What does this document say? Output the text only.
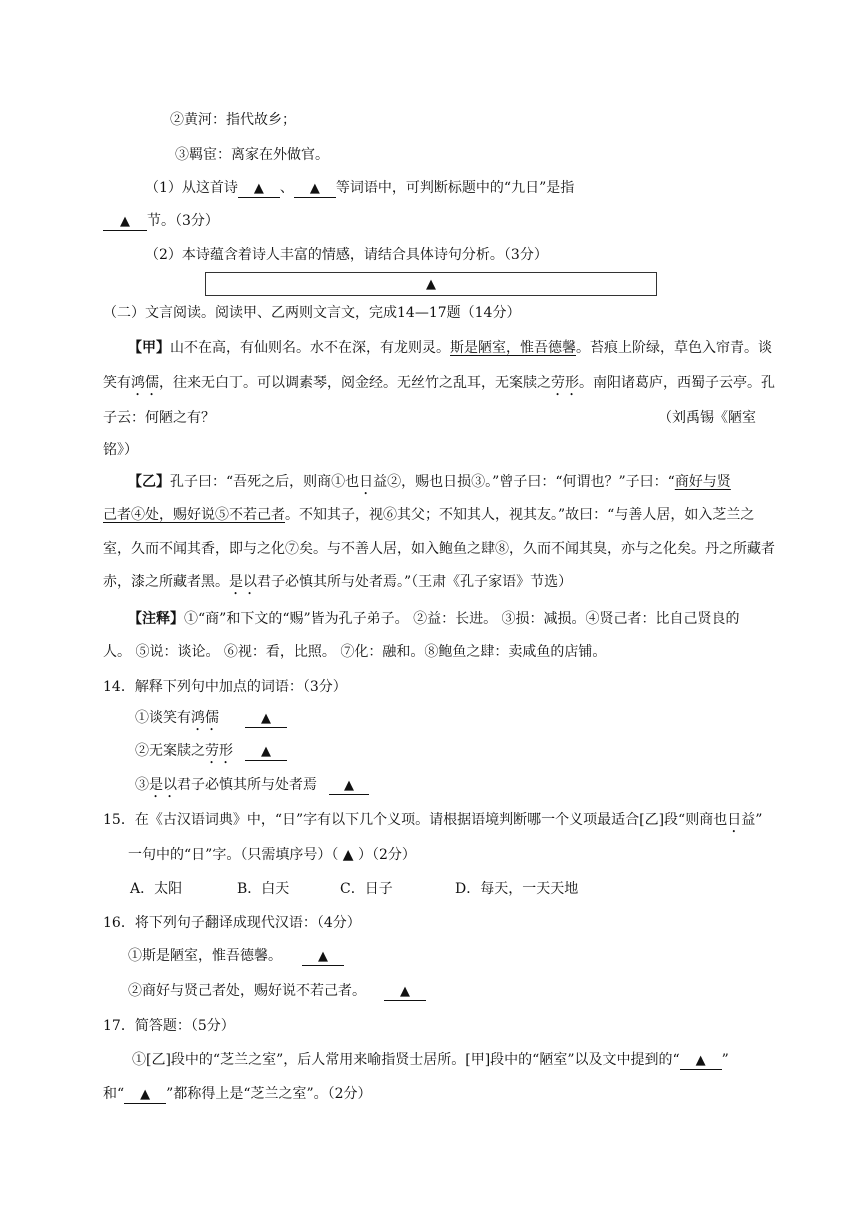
②黄河：指代故乡；
③羁宦：离家在外做官。
（1）从这首诗 ▲ 、 ▲ 等词语中，可判断标题中的“九日”是指
▲ 节。（3分）
（2）本诗蕴含着诗人丰富的情感，请结合具体诗句分析。（3分）
▲
（二）文言阅读。阅读甲、乙两则文言文，完成14—17题（14分）
【甲】山不在高，有仙则名。水不在深，有龙则灵。斯是陋室，惟吾德馨。苔痕上阶绿，草色入帘青。谈
笑有鸿儒，往来无白丁。可以调素琴，阅金经。无丝竹之乱耳，无案牍之劳形。南阳诸葛庐，西蜀子云亭。孔
子云：何陋之有？	（刘禹锡《陋室
铭》）
【乙】孔子曰：“吾死之后，则商①也日益②，赐也日损③。”曾子曰：“何谓也？”子曰：“商好与贤
己者④处，赐好说⑤不若己者。不知其子，视⑥其父；不知其人，视其友。”故曰：“与善人居，如入芝兰之
室，久而不闻其香，即与之化⑦矣。与不善人居，如入鲍鱼之肆⑧，久而不闻其臭，亦与之化矣。丹之所藏者
赤，漆之所藏者黑。是以君子必慎其所与处者焉。”（王肃《孔子家语》节选）
【注释】①“商”和下文的“赐”皆为孔子弟子。 ②益：长进。 ③损：减损。④贤己者：比自己贤良的
人。 ⑤说：谈论。 ⑥视：看，比照。 ⑦化：融和。⑧鲍鱼之肆：卖咸鱼的店铺。
14．解释下列句中加点的词语：（3分）
①谈笑有鸿儒	▲
②无案牍之劳形 ▲
③是以君子必慎其所与处者焉 ▲
15．在《古汉语词典》中，“日”字有以下几个义项。请根据语境判断哪一个义项最适合[乙]段“则商也日益”
一句中的“日”字。（只需填序号）（ ▲ ）（2分）
A．太阳	B．白天	C．日子	D．每天，一天天地
16．将下列句子翻译成现代汉语：（4分）
①斯是陋室，惟吾德馨。	▲
②商好与贤己者处，赐好说不若己者。	▲
17．简答题：（5分）
①[乙]段中的“芝兰之室”，后人常用来喻指贤士居所。[甲]段中的“陋室”以及文中提到的“ ▲ ”
和“ ▲ ”都称得上是“芝兰之室”。（2分）
